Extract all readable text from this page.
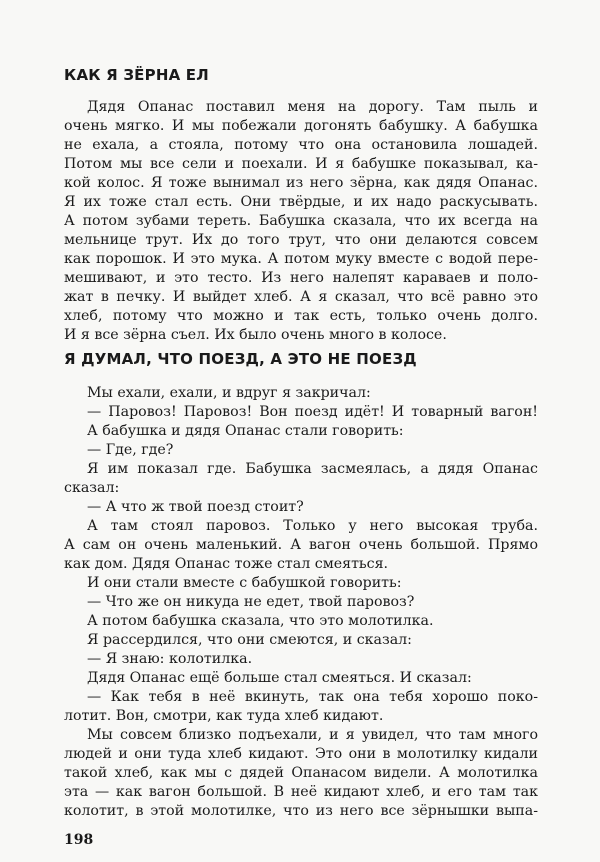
КАК Я ЗЁРНА ЕЛ
Дядя Опанас поставил меня на дорогу. Там пыль и
очень мягко. И мы побежали догонять бабушку. А бабушка
не ехала, а стояла, потому что она остановила лошадей.
Потом мы все сели и поехали. И я бабушке показывал, ка-
кой колос. Я тоже вынимал из него зёрна, как дядя Опанас.
Я их тоже стал есть. Они твёрдые, и их надо раскусывать.
А потом зубами тереть. Бабушка сказала, что их всегда на
мельнице трут. Их до того трут, что они делаются совсем
как порошок. И это мука. А потом муку вместе с водой пере-
мешивают, и это тесто. Из него налепят караваев и поло-
жат в печку. И выйдет хлеб. А я сказал, что всё равно это
хлеб, потому что можно и так есть, только очень долго.
И я все зёрна съел. Их было очень много в колосе.
Я ДУМАЛ, ЧТО ПОЕЗД, А ЭТО НЕ ПОЕЗД
Мы ехали, ехали, и вдруг я закричал:
— Паровоз! Паровоз! Вон поезд идёт! И товарный вагон!
А бабушка и дядя Опанас стали говорить:
— Где, где?
Я им показал где. Бабушка засмеялась, а дядя Опанас
сказал:
— А что ж твой поезд стоит?
А там стоял паровоз. Только у него высокая труба.
А сам он очень маленький. А вагон очень большой. Прямо
как дом. Дядя Опанас тоже стал смеяться.
И они стали вместе с бабушкой говорить:
— Что же он никуда не едет, твой паровоз?
А потом бабушка сказала, что это молотилка.
Я рассердился, что они смеются, и сказал:
— Я знаю: колотилка.
Дядя Опанас ещё больше стал смеяться. И сказал:
— Как тебя в неё вкинуть, так она тебя хорошо поко-
лотит. Вон, смотри, как туда хлеб кидают.
Мы совсем близко подъехали, и я увидел, что там много
людей и они туда хлеб кидают. Это они в молотилку кидали
такой хлеб, как мы с дядей Опанасом видели. А молотилка
эта — как вагон большой. В неё кидают хлеб, и его там так
колотит, в этой молотилке, что из него все зёрнышки выпа-
198
